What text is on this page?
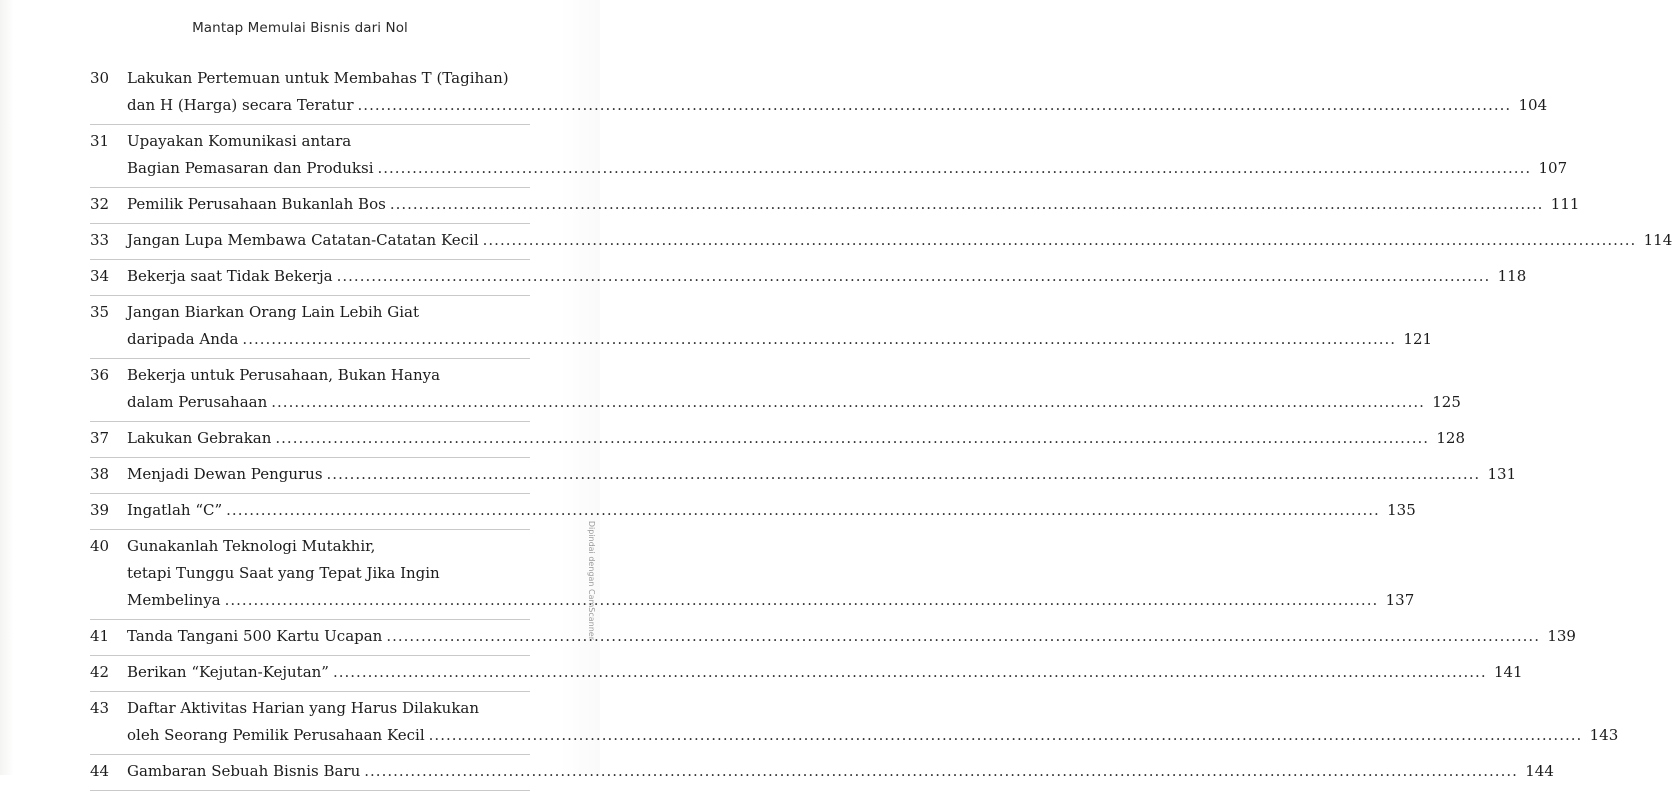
Mantap Memulai Bisnis dari Nol
30	Lakukan Pertemuan untuk Membahas T (Tagihan)
dan H (Harga) secara Teratur ........................................................................................................................................................................................................ 104
31	Upayakan Komunikasi antara
Bagian Pemasaran dan Produksi ........................................................................................................................................................................................................ 107
32	Pemilik Perusahaan Bukanlah Bos ........................................................................................................................................................................................................ 111
33	Jangan Lupa Membawa Catatan-Catatan Kecil ........................................................................................................................................................................................................ 114
34	Bekerja saat Tidak Bekerja ........................................................................................................................................................................................................ 118
35	Jangan Biarkan Orang Lain Lebih Giat
daripada Anda ........................................................................................................................................................................................................ 121
36	Bekerja untuk Perusahaan, Bukan Hanya
dalam Perusahaan ........................................................................................................................................................................................................ 125
37	Lakukan Gebrakan ........................................................................................................................................................................................................ 128
38	Menjadi Dewan Pengurus ........................................................................................................................................................................................................ 131
39	Ingatlah “C” ........................................................................................................................................................................................................ 135
40	Gunakanlah Teknologi Mutakhir,
tetapi Tunggu Saat yang Tepat Jika Ingin
Membelinya ........................................................................................................................................................................................................ 137
41	Tanda Tangani 500 Kartu Ucapan ........................................................................................................................................................................................................ 139
42	Berikan “Kejutan-Kejutan” ........................................................................................................................................................................................................ 141
43	Daftar Aktivitas Harian yang Harus Dilakukan
oleh Seorang Pemilik Perusahaan Kecil ........................................................................................................................................................................................................ 143
44	Gambaran Sebuah Bisnis Baru ........................................................................................................................................................................................................ 144
Dipindai dengan CamScanner
